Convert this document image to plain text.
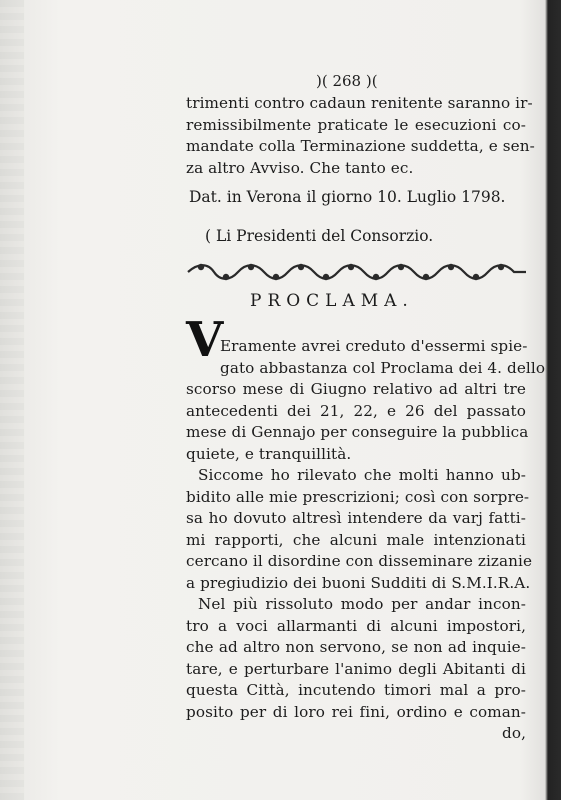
)( 268 )(
trimenti contro cadaun renitente saranno ir-
remissibilmente praticate le esecuzioni co-
mandate colla Terminazione suddetta, e sen-
za altro Avviso. Che tanto ec.
Dat. in Verona il giorno 10. Luglio 1798.
( Li Presidenti del Consorzio.
PROCLAMA.
V
Eramente avrei creduto d'essermi spie-
gato abbastanza col Proclama dei 4. dello
scorso mese di Giugno relativo ad altri tre
antecedenti dei 21, 22, e 26 del passato
mese di Gennajo per conseguire la pubblica
quiete, e tranquillità.
Siccome ho rilevato che molti hanno ub-
bidito alle mie prescrizioni; così con sorpre-
sa ho dovuto altresì intendere da varj fatti-
mi rapporti, che alcuni male intenzionati
cercano il disordine con disseminare zizanie
a pregiudizio dei buoni Sudditi di S.M.I.R.A.
Nel più rissoluto modo per andar incon-
tro a voci allarmanti di alcuni impostori,
che ad altro non servono, se non ad inquie-
tare, e perturbare l'animo degli Abitanti di
questa Città, incutendo timori mal a pro-
posito per di loro rei fini, ordino e coman-
do,
